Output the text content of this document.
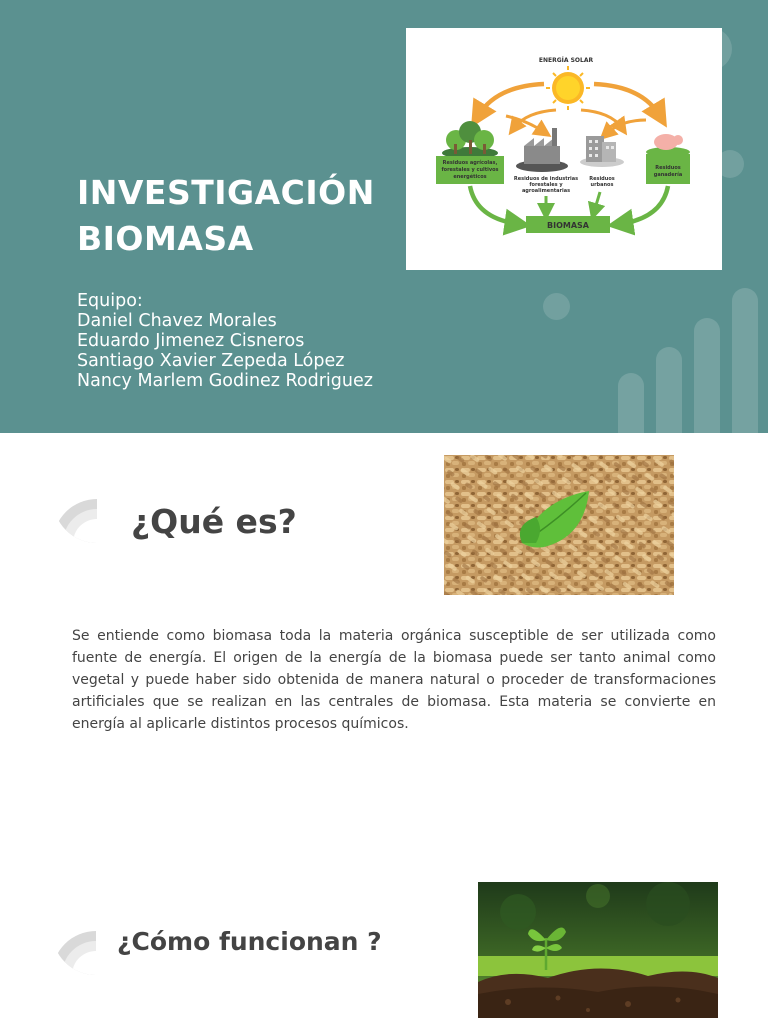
INVESTIGACIÓN BIOMASA
Equipo:
Daniel Chavez Morales
Eduardo Jimenez Cisneros
Santiago Xavier Zepeda López
Nancy Marlem Godinez Rodriguez
ENERGÍA SOLAR
Residuos agrícolas,
forestales y cultivos
energéticos	Residuos de industrias
forestales y
agroalimentarias
Residuos
urbanos
Residuos
ganadería
BIOMASA
¿Qué es?
Se entiende como biomasa toda la materia orgánica susceptible de ser utilizada como fuente de energía. El origen de la energía de la biomasa puede ser tanto animal como vegetal y puede haber sido obtenida de manera natural o proceder de transformaciones artificiales que se realizan en las centrales de biomasa. Esta materia se convierte en energía al aplicarle distintos procesos químicos.
¿Cómo funcionan ?
